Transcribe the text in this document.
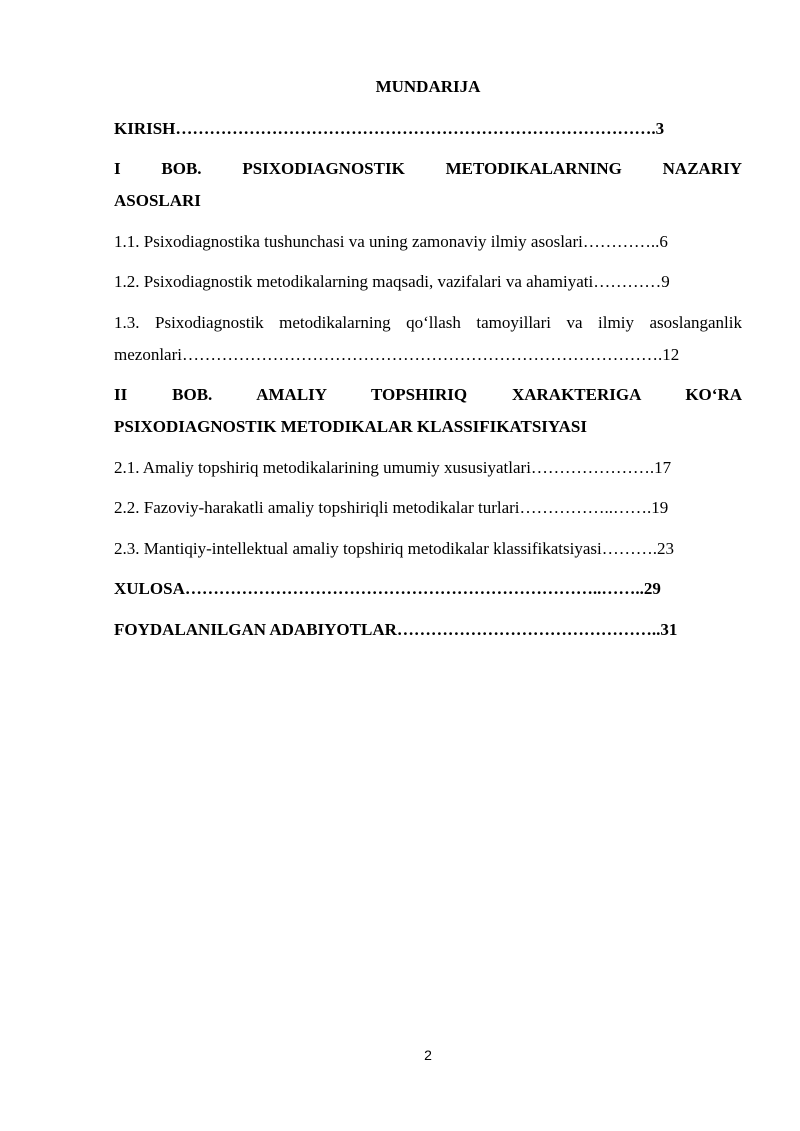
MUNDARIJA
KIRISH………………………………………………………………………….3
I BOB. PSIXODIAGNOSTIK METODIKALARNING NAZARIY
ASOSLARI
1.1. Psixodiagnostika tushunchasi va uning zamonaviy ilmiy asoslari…………..6
1.2. Psixodiagnostik metodikalarning maqsadi, vazifalari va ahamiyati…………9
1.3. Psixodiagnostik metodikalarning qo‘llash tamoyillari va ilmiy asoslanganlik
mezonlari………………………………………………………………………….12
II BOB. AMALIY TOPSHIRIQ XARAKTERIGA KO‘RA
PSIXODIAGNOSTIK METODIKALAR KLASSIFIKATSIYASI
2.1. Amaliy topshiriq metodikalarining umumiy xususiyatlari………………….17
2.2. Fazoviy-harakatli amaliy topshiriqli metodikalar turlari……………..…….19
2.3. Mantiqiy-intellektual amaliy topshiriq metodikalar klassifikatsiyasi……….23
XULOSA………………………………………………………………..……..29
FOYDALANILGAN ADABIYOTLAR………………………………………..31
2
